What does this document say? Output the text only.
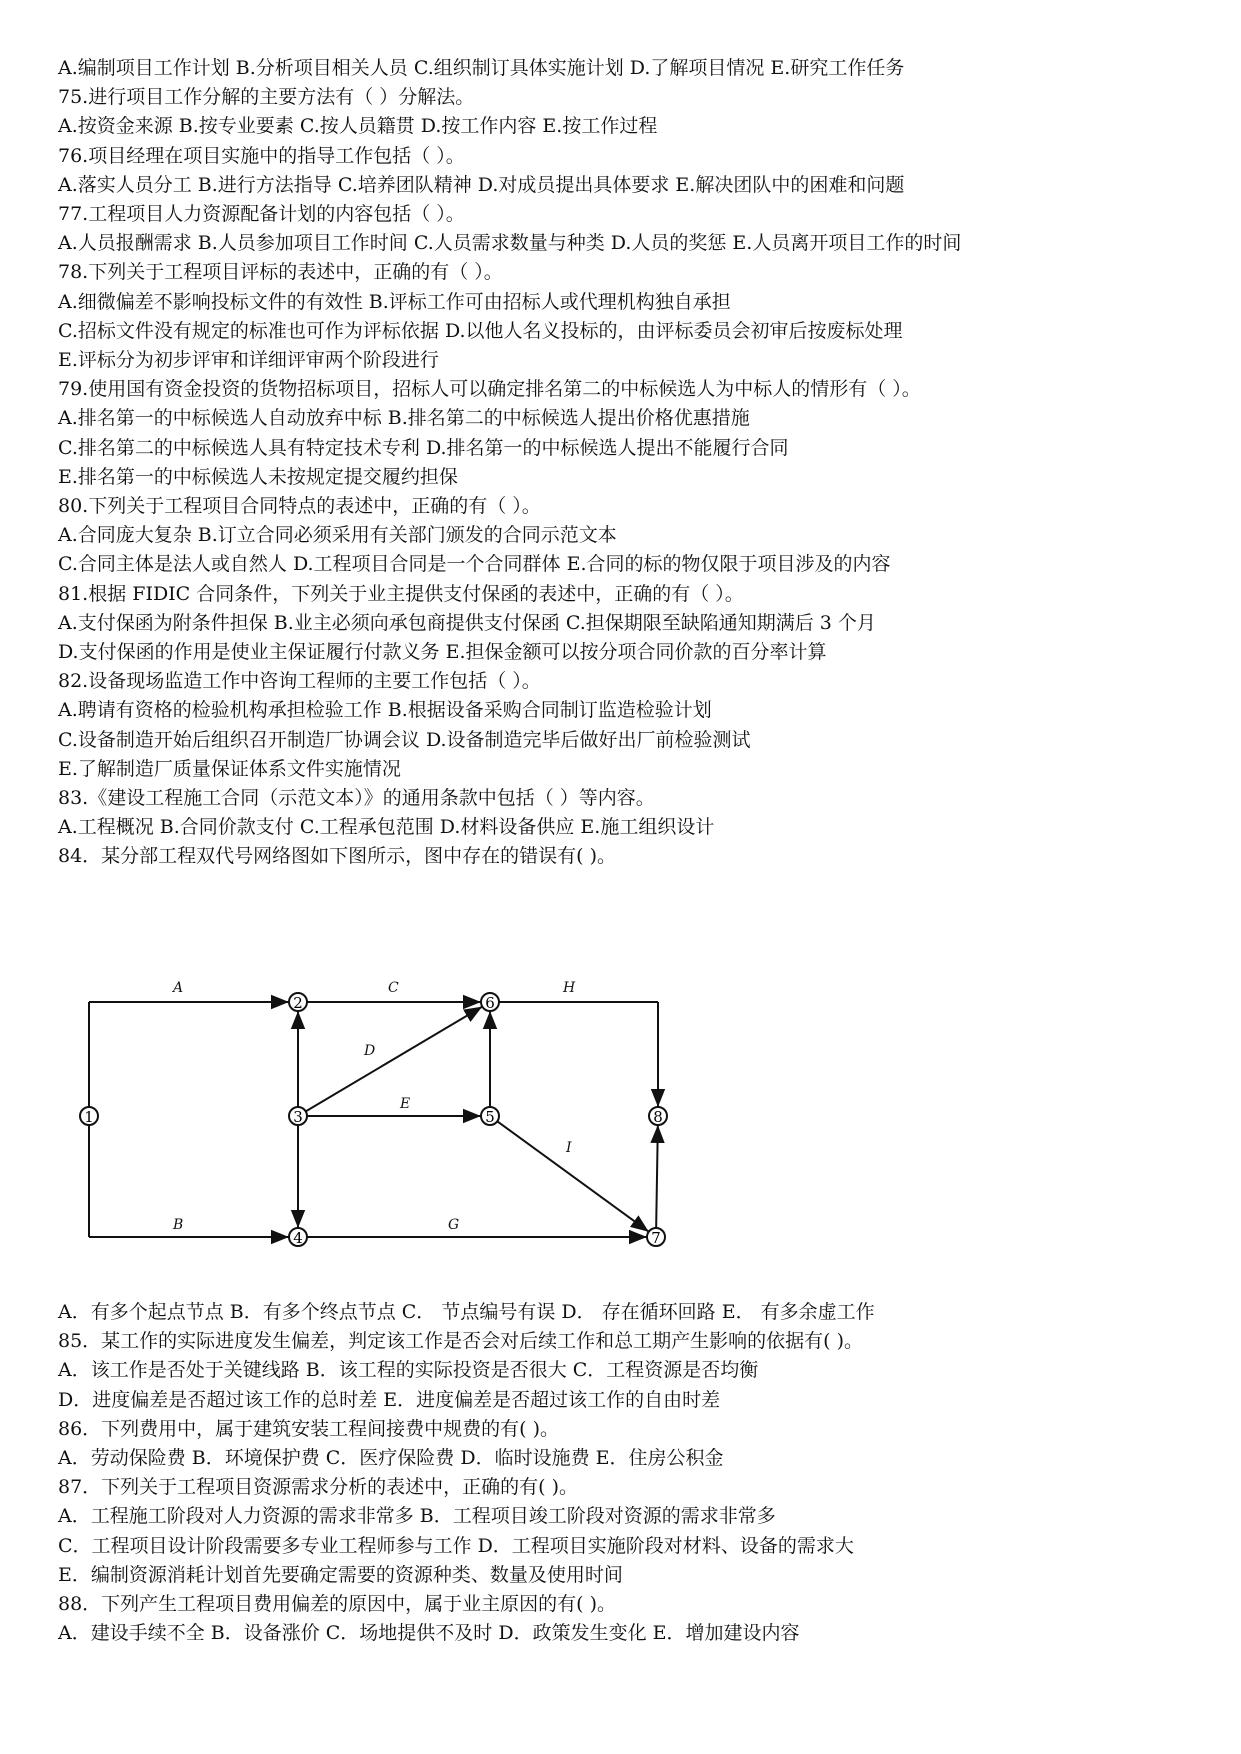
A.编制项目工作计划 B.分析项目相关人员 C.组织制订具体实施计划 D.了解项目情况 E.研究工作任务
75.进行项目工作分解的主要方法有（ ）分解法。
A.按资金来源 B.按专业要素 C.按人员籍贯 D.按工作内容 E.按工作过程
76.项目经理在项目实施中的指导工作包括（ ）。
A.落实人员分工 B.进行方法指导 C.培养团队精神 D.对成员提出具体要求 E.解决团队中的困难和问题
77.工程项目人力资源配备计划的内容包括（ ）。
A.人员报酬需求 B.人员参加项目工作时间 C.人员需求数量与种类 D.人员的奖惩 E.人员离开项目工作的时间
78.下列关于工程项目评标的表述中，正确的有（ ）。
A.细微偏差不影响投标文件的有效性 B.评标工作可由招标人或代理机构独自承担
C.招标文件没有规定的标准也可作为评标依据 D.以他人名义投标的，由评标委员会初审后按废标处理
E.评标分为初步评审和详细评审两个阶段进行
79.使用国有资金投资的货物招标项目，招标人可以确定排名第二的中标候选人为中标人的情形有（ ）。
A.排名第一的中标候选人自动放弃中标 B.排名第二的中标候选人提出价格优惠措施
C.排名第二的中标候选人具有特定技术专利 D.排名第一的中标候选人提出不能履行合同
E.排名第一的中标候选人未按规定提交履约担保
80.下列关于工程项目合同特点的表述中，正确的有（ ）。
A.合同庞大复杂 B.订立合同必须采用有关部门颁发的合同示范文本
C.合同主体是法人或自然人 D.工程项目合同是一个合同群体 E.合同的标的物仅限于项目涉及的内容
81.根据 FIDIC 合同条件，下列关于业主提供支付保函的表述中，正确的有（ ）。
A.支付保函为附条件担保 B.业主必须向承包商提供支付保函 C.担保期限至缺陷通知期满后 3 个月
D.支付保函的作用是使业主保证履行付款义务 E.担保金额可以按分项合同价款的百分率计算
82.设备现场监造工作中咨询工程师的主要工作包括（ ）。
A.聘请有资格的检验机构承担检验工作 B.根据设备采购合同制订监造检验计划
C.设备制造开始后组织召开制造厂协调会议 D.设备制造完毕后做好出厂前检验测试
E.了解制造厂质量保证体系文件实施情况
83.《建设工程施工合同（示范文本）》的通用条款中包括（ ）等内容。
A.工程概况 B.合同价款支付 C.工程承包范围 D.材料设备供应 E.施工组织设计
84．某分部工程双代号网络图如下图所示，图中存在的错误有( )。
A
B
C
D
E
G
H
I
1
2
3
4
5
6
7
8
A．有多个起点节点 B．有多个终点节点 C． 节点编号有误 D． 存在循环回路 E． 有多余虚工作
85．某工作的实际进度发生偏差，判定该工作是否会对后续工作和总工期产生影响的依据有( )。
A．该工作是否处于关键线路 B．该工程的实际投资是否很大 C．工程资源是否均衡
D．进度偏差是否超过该工作的总时差 E．进度偏差是否超过该工作的自由时差
86．下列费用中，属于建筑安装工程间接费中规费的有( )。
A．劳动保险费 B．环境保护费 C．医疗保险费 D．临时设施费 E．住房公积金
87．下列关于工程项目资源需求分析的表述中，正确的有( )。
A．工程施工阶段对人力资源的需求非常多 B．工程项目竣工阶段对资源的需求非常多
C．工程项目设计阶段需要多专业工程师参与工作 D．工程项目实施阶段对材料、设备的需求大
E．编制资源消耗计划首先要确定需要的资源种类、数量及使用时间
88．下列产生工程项目费用偏差的原因中，属于业主原因的有( )。
A．建设手续不全 B．设备涨价 C．场地提供不及时 D．政策发生变化 E．增加建设内容
